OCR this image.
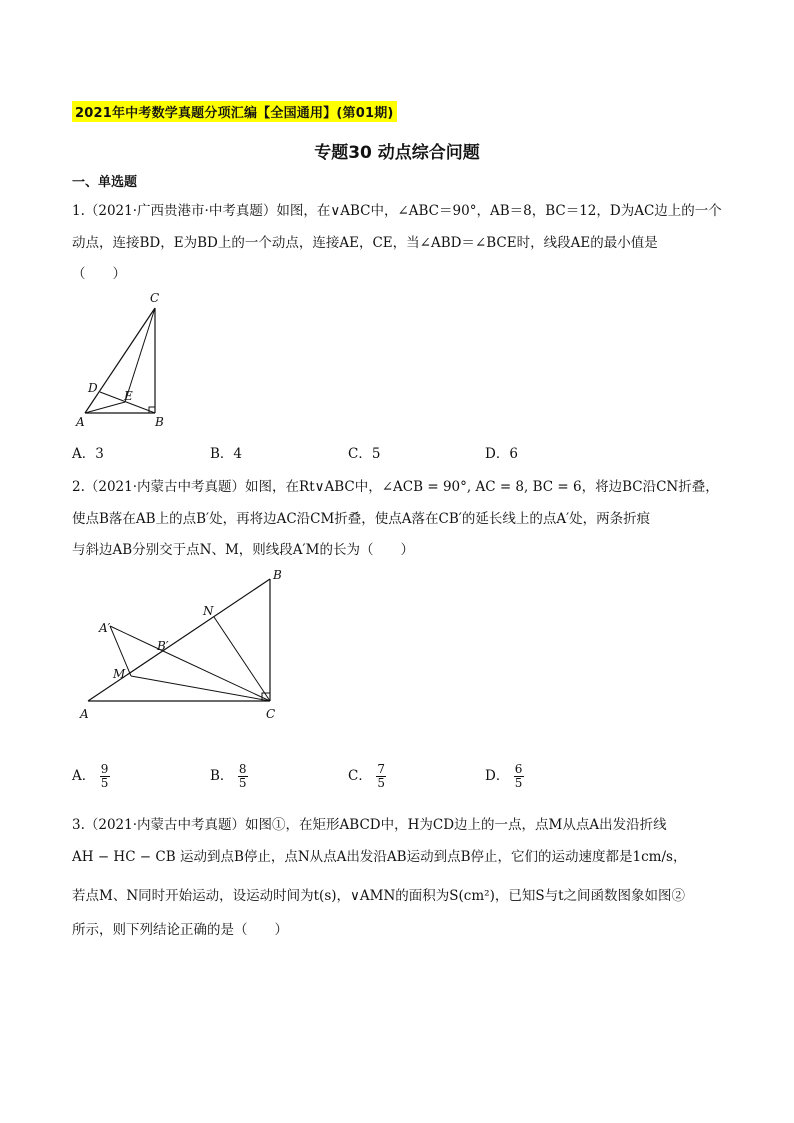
2021年中考数学真题分项汇编【全国通用】(第01期)
专题30 动点综合问题
一、单选题
1.（2021·广西贵港市·中考真题）如图，在∨ABC中，∠ABC＝90°，AB＝8，BC＝12，D为AC边上的一个
动点，连接BD，E为BD上的一个动点，连接AE，CE，当∠ABD＝∠BCE时，线段AE的最小值是
（　　）
C
D
E
A	B
A．3	B．4	C．5	D．6
2.（2021·内蒙古中考真题）如图，在Rt∨ABC中，∠ACB = 90°, AC = 8, BC = 6，将边BC沿CN折叠，
使点B落在AB上的点B′处，再将边AC沿CM折叠，使点A落在CB′的延长线上的点A′处，两条折痕
与斜边AB分别交于点N、M，则线段A′M的长为（　　）
B
N
A′
B′
M
A	C
A． $\frac{9}{5}$	B． $\frac{8}{5}$	C． $\frac{7}{5}$	D． $\frac{6}{5}$
3.（2021·内蒙古中考真题）如图①，在矩形ABCD中，H为CD边上的一点，点M从点A出发沿折线
AH − HC − CB 运动到点B停止，点N从点A出发沿AB运动到点B停止，它们的运动速度都是1cm/s，
若点M、N同时开始运动，设运动时间为t(s)，∨AMN的面积为S(cm²)，已知S与t之间函数图象如图②
所示，则下列结论正确的是（　　）
